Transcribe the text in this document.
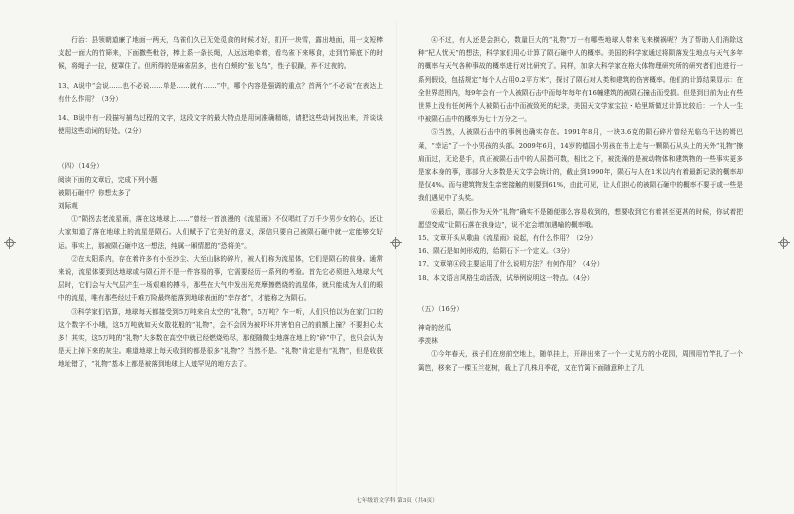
行治：县领朝道廉了地面一两天，乌雀们久已无处觅食的时候才好，扪开一块雪，露出地面，用一支短棒支起一面大的竹筛来，下面撒些秕谷，棒上系一条长绳，人远远地牵着，看鸟雀下来啄食，走到竹筛底下的时候，将绳子一拉，便罩住了。但所得的是麻雀居多，也有白颊的“张飞鸟”，性子很躁，养不过夜的。

13、A说中“会说……也不必说……单是……就有……”中，哪个内容是强调的重点？首两个“不必说”在表达上有什么作用？（3分）

14、B说中有一段描写捕鸟过程的文字，这段文字的最大特点是用词准确精练，请把这些动词找出来，并谈谈使用这些动词的好处。（2分）

（四）（14分）

阅读下面的文章后，完成下列小题

被陨石砸中？你想太多了

刘际观

①“陨拐去老流星雨，落在这地球上……”曾经一首浪漫的《流星雨》不仅唱红了万千少男少女的心，还让大家知道了落在地球上的流星是陨石。人们赋予了它美好的意义，深信只要自己被陨石砸中就一定能够交好运。事实上，那被陨石砸中这一想法，纯属一厢情愿的“恐将美”。

②在太阳系内，存在着许多有小至沙尘、大至山脉的碎片，被人们称为流星体，它们是陨石的前身。通常来说，流星体要到达地球或与陨石并不是一件容易的事，它需要经历一系列的考验。首先它必须进入地球大气层时，它们会与大气层产生一场艰难的搏斗，那些在大气中发出光亮摩擦燃烧的流星体，就只能成为人们的眼中的流星，唯有那些经过千难万险最终能落到地球表面的“幸存者”，才能称之为陨石。

③科学家们估算，地球每天都接受到5万吨来自太空的“礼物”，5万吨？乍一听，人们只怕以为在家门口的这个数字不小哦，这5万吨就如天女散花般的“礼物”，会不会因为被吓坏并害怕自己的前额上撞？不要担心太多！其实，这5万吨的“礼物”大多数在高空中就已经燃烧殆尽，那便随微尘地落在地上的“碎”中了，也只会认为是天上掉下来的灰尘。难道地球上每天收到的都是很多“礼物”？当然不是。“礼物”肯定是有“礼物”，但是收获地址错了，“礼物”基本上都是被落到地球上人迹罕见的地方去了。

④不过，有人还是会担心，数量巨大的“礼物”万一有哪些地球人带来飞来横祸呢？为了帮助人们消除这种“杞人忧天”的想法，科学家们用心计算了陨石砸中人的概率。美国的科学家通过将陨落发生地点与天气多年的概率与天气各种事故的概率进行对比研究了。同样，加拿大科学家在格大体物理研究所的研究者们也进行一系列假设，包括规定“每个人占用0.2平方米”，探讨了陨石对人类和建筑的伤害概率。他们的计算结果显示：在全世界范围内，每9年会有一个人被陨石击中而每年每年有16幢建筑的被陨石撞击而受损。但是到目前为止有些世界上没有任何两个人被陨石击中而被致死的纪录，美国天文学家宝拉・哈里斯做过计算比较后：一个人一生中被陨石击中的概率为七十万分之一。

⑤当然，人被陨石击中的事例也确实存在。1991年8月，一块3.6克的陨石碎片曾经光临乌干达的姆巴莱，“幸运”了一个小男孩的头部。2009年6月，14岁的德国小男孩在书上走与一颗陨石从头上的天外“礼物”擦肩而过，无论是手，真正被陨石击中的人屈指可数，相比之下，被洗澡的是被动物体和建筑物的一些事实更多是家本身的事，那部分大多数是天文学会统计的，截止到1990年，陨石与人在1米以内有着最新记录的概率却是仅4%。而与建筑物发生亲密接触的则要到61%，由此可见，让人们担心的被陨石砸中的概率不要于或一些是我们遇见中了头奖。

⑥最后，陨石作为天外“礼物”确实不是随便那么容易收到的，想要收到它有着甚至更甚的时候，你试着把愿望变成“让陨石落在我身边”，说不定会增加遇喻的概率哦。

15、文章开头从歌曲《流星雨》说起，有什么作用？（2分）

16、陨石是如何形成的，给陨石下一个定义。（3分）

17、文章第④段主要运用了什么说明方法？有何作用？（4分）

18、本文语言风格生动活泼，试举例说明这一特点。（4分）

（五）（16分）

神奇的丝瓜

季羡林

①今年春天，孩子们在房前空地上，随单挂上，开辟出来了一个一丈见方的小花园，周围用竹竿扎了一个篱笆，移来了一棵玉兰花树，栽上了几株月季花，又在竹篱下面随意种上了几

七年级语文学科 第3页（共4页）
